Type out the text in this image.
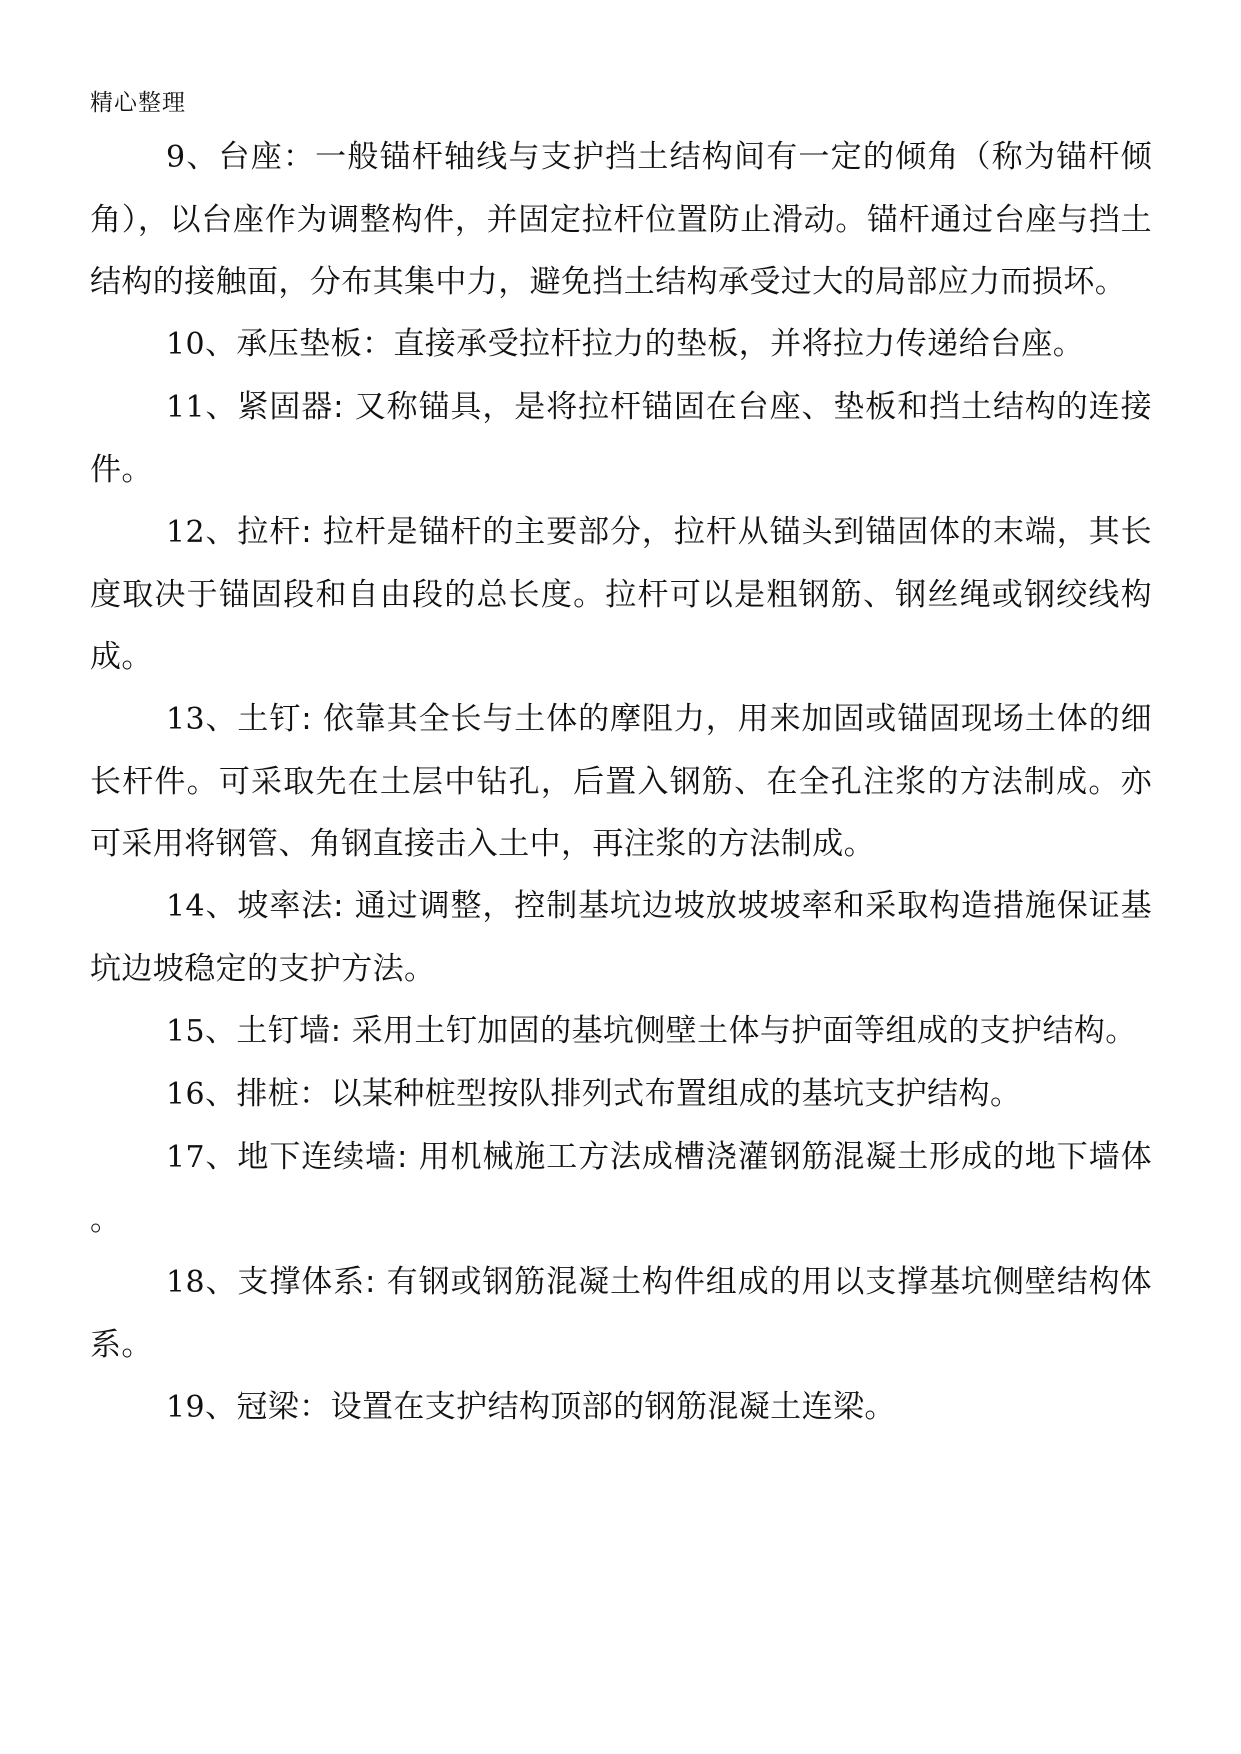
精心整理

9、台座：一般锚杆轴线与支护挡土结构间有一定的倾角（称为锚杆倾角），以台座作为调整构件，并固定拉杆位置防止滑动。锚杆通过台座与挡土结构的接触面，分布其集中力，避免挡土结构承受过大的局部应力而损坏。

10、承压垫板：直接承受拉杆拉力的垫板，并将拉力传递给台座。

11、紧固器: 又称锚具，是将拉杆锚固在台座、垫板和挡土结构的连接件。

12、拉杆: 拉杆是锚杆的主要部分，拉杆从锚头到锚固体的末端，其长度取决于锚固段和自由段的总长度。拉杆可以是粗钢筋、钢丝绳或钢绞线构成。

13、土钉: 依靠其全长与土体的摩阻力，用来加固或锚固现场土体的细长杆件。可采取先在土层中钻孔，后置入钢筋、在全孔注浆的方法制成。亦可采用将钢管、角钢直接击入土中，再注浆的方法制成。

14、坡率法: 通过调整，控制基坑边坡放坡坡率和采取构造措施保证基坑边坡稳定的支护方法。

15、土钉墙: 采用土钉加固的基坑侧壁土体与护面等组成的支护结构。

16、排桩：以某种桩型按队排列式布置组成的基坑支护结构。

17、地下连续墙: 用机械施工方法成槽浇灌钢筋混凝土形成的地下墙体。

18、支撑体系: 有钢或钢筋混凝土构件组成的用以支撑基坑侧壁结构体系。

19、冠梁：设置在支护结构顶部的钢筋混凝土连梁。
